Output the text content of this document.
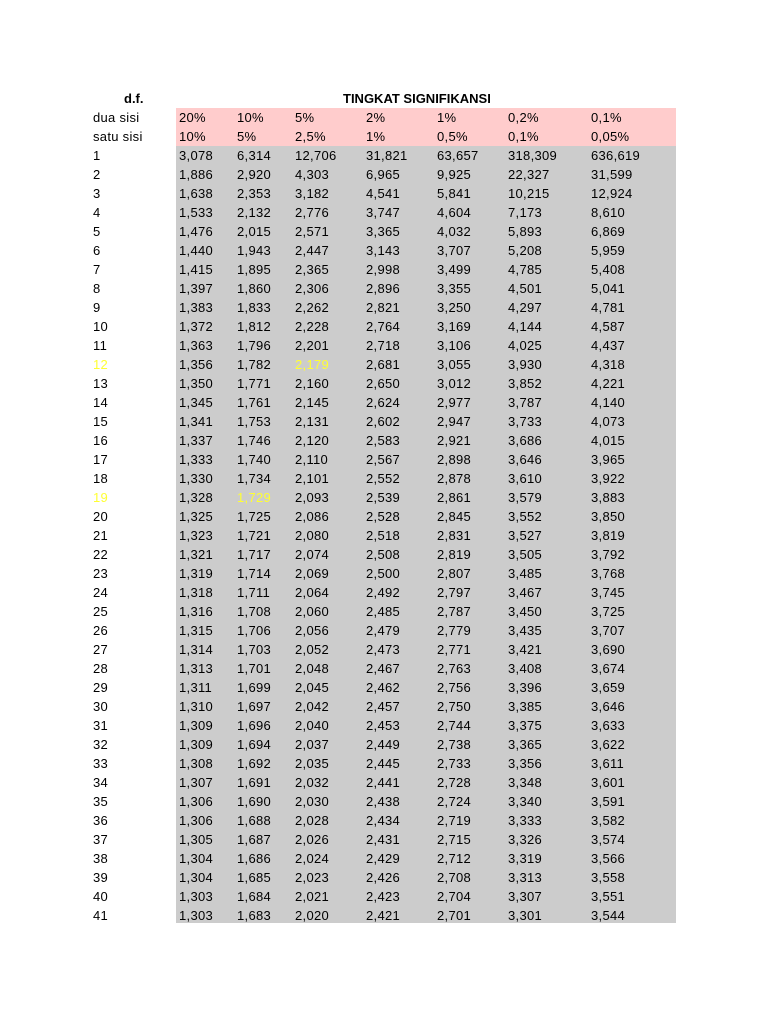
d.f.	TINGKAT SIGNIFIKANSI
dua sisi	20% 10% 5%	2%	1%	0,2%	0,1%
satu sisi	10% 5%	2,5%	1%	0,5%	0,1%	0,05%
1	3,078 6,314 12,706 31,821 63,657 318,309	636,619
2	1,886 2,920 4,303	6,965	9,925	22,327	31,599
3	1,638 2,353 3,182	4,541	5,841	10,215	12,924
4	1,533 2,132 2,776	3,747	4,604	7,173	8,610
5	1,476 2,015 2,571	3,365	4,032	5,893	6,869
6	1,440 1,943 2,447	3,143	3,707	5,208	5,959
7	1,415 1,895 2,365	2,998	3,499	4,785	5,408
8	1,397 1,860 2,306	2,896	3,355	4,501	5,041
9	1,383 1,833 2,262	2,821	3,250	4,297	4,781
10	1,372 1,812 2,228	2,764	3,169	4,144	4,587
11	1,363 1,796 2,201	2,718	3,106	4,025	4,437
12	1,356 1,782 2,179	2,681	3,055	3,930	4,318
13	1,350 1,771 2,160	2,650	3,012	3,852	4,221
14	1,345 1,761 2,145	2,624	2,977	3,787	4,140
15	1,341 1,753 2,131	2,602	2,947	3,733	4,073
16	1,337 1,746 2,120	2,583	2,921	3,686	4,015
17	1,333 1,740 2,110	2,567	2,898	3,646	3,965
18	1,330 1,734 2,101	2,552	2,878	3,610	3,922
19	1,328 1,729 2,093	2,539	2,861	3,579	3,883
20	1,325 1,725 2,086	2,528	2,845	3,552	3,850
21	1,323 1,721 2,080	2,518	2,831	3,527	3,819
22	1,321 1,717 2,074	2,508	2,819	3,505	3,792
23	1,319 1,714 2,069	2,500	2,807	3,485	3,768
24	1,318 1,711 2,064	2,492	2,797	3,467	3,745
25	1,316 1,708 2,060	2,485	2,787	3,450	3,725
26	1,315 1,706 2,056	2,479	2,779	3,435	3,707
27	1,314 1,703 2,052	2,473	2,771	3,421	3,690
28	1,313 1,701 2,048	2,467	2,763	3,408	3,674
29	1,311 1,699 2,045	2,462	2,756	3,396	3,659
30	1,310 1,697 2,042	2,457	2,750	3,385	3,646
31	1,309 1,696 2,040	2,453	2,744	3,375	3,633
32	1,309 1,694 2,037	2,449	2,738	3,365	3,622
33	1,308 1,692 2,035	2,445	2,733	3,356	3,611
34	1,307 1,691 2,032	2,441	2,728	3,348	3,601
35	1,306 1,690 2,030	2,438	2,724	3,340	3,591
36	1,306 1,688 2,028	2,434	2,719	3,333	3,582
37	1,305 1,687 2,026	2,431	2,715	3,326	3,574
38	1,304 1,686 2,024	2,429	2,712	3,319	3,566
39	1,304 1,685 2,023	2,426	2,708	3,313	3,558
40	1,303 1,684 2,021	2,423	2,704	3,307	3,551
41	1,303 1,683 2,020	2,421	2,701	3,301	3,544
